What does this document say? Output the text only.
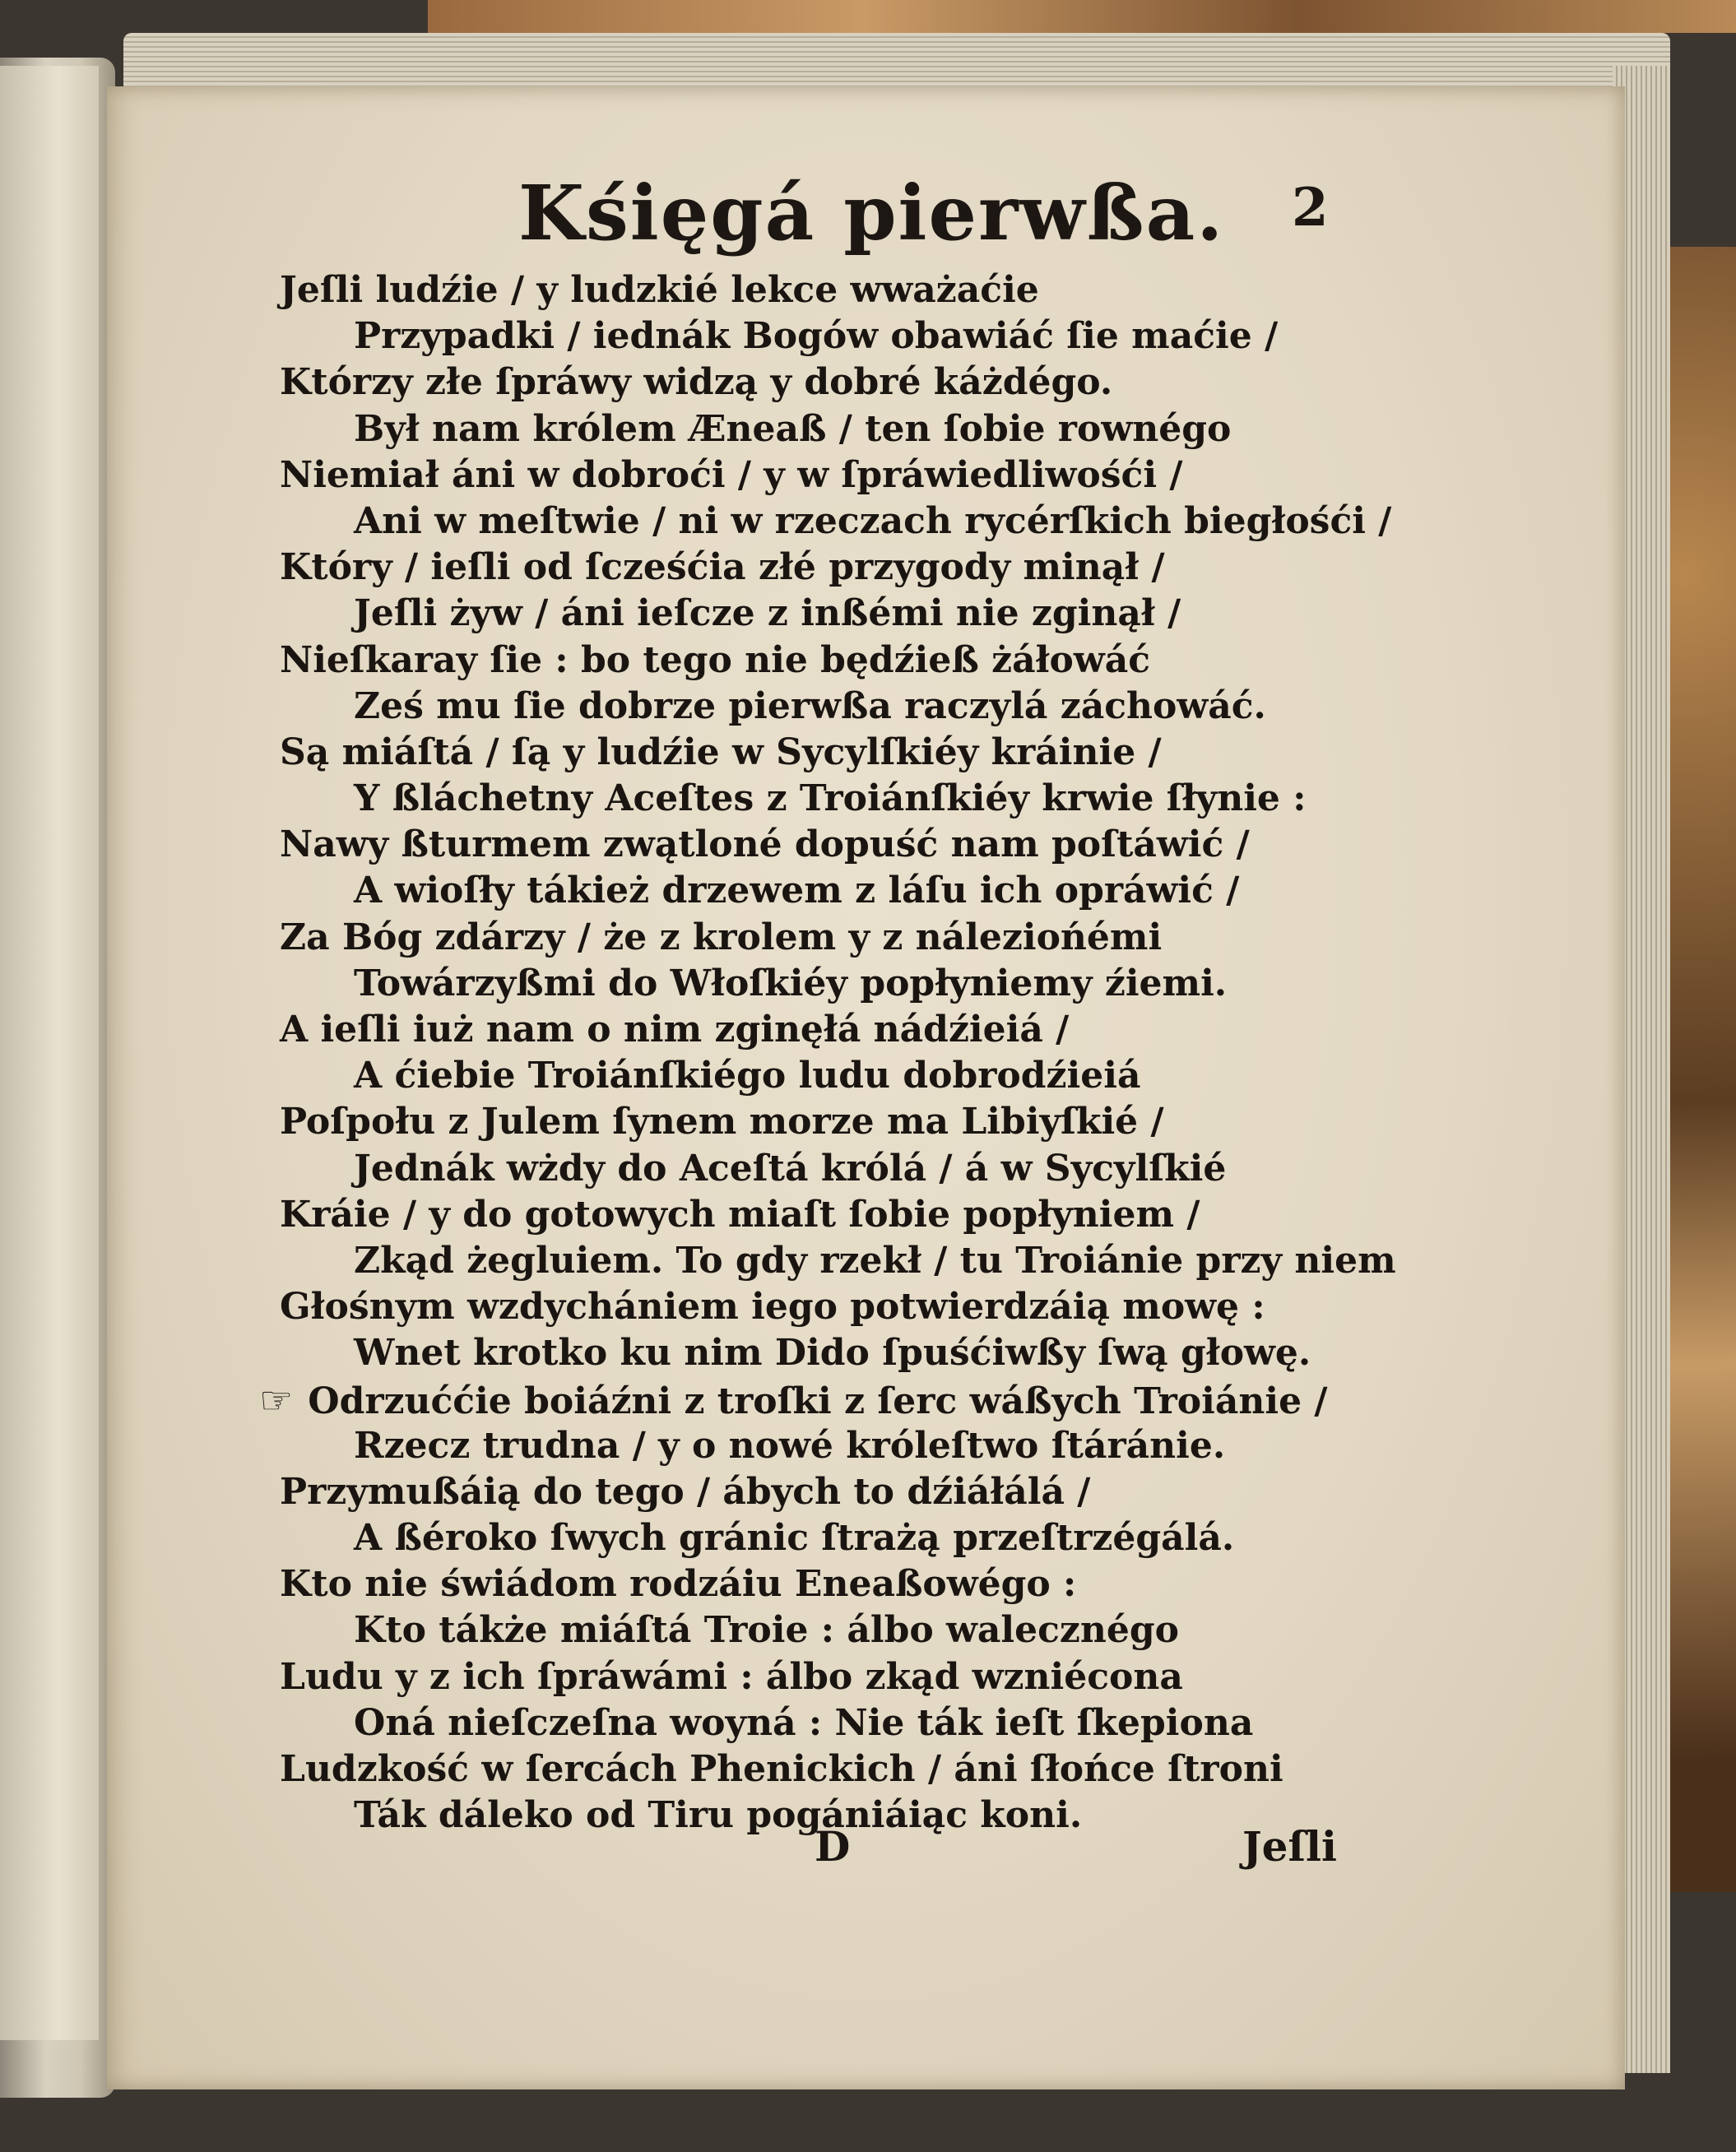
Kśięgá pierwßa. 2
Jeſli ludźie / y ludzkié lekce wważaćie
Przypadki / iednák Bogów obawiáć ſie maćie /
Którzy złe ſpráwy widzą y dobré káżdégo.
Był nam królem Æneaß / ten ſobie rownégo
Niemiał áni w dobroći / y w ſpráwiedliwośći /
Ani w meſtwie / ni w rzeczach rycérſkich biegłośći /
Który / ieſli od ſcześćia złé przygody minął /
Jeſli żyw / áni ieſcze z inßémi nie zginął /
Nieſkaray ſie : bo tego nie będźieß żáłowáć
Ześ mu ſie dobrze pierwßa raczylá záchowáć.
Są miáſtá / ſą y ludźie w Sycylſkiéy kráinie /
Y ßláchetny Aceſtes z Troiánſkiéy krwie ſłynie :
Nawy ßturmem zwątloné dopuść nam poſtáwić /
A wioſły tákież drzewem z láſu ich opráwić /
Za Bóg zdárzy / że z krolem y z náleziońémi
Towárzyßmi do Włoſkiéy popłyniemy źiemi.
A ieſli iuż nam o nim zginęłá nádźieiá /
A ćiebie Troiánſkiégo ludu dobrodźieiá
Poſpołu z Julem ſynem morze ma Libiyſkié /
Jednák wżdy do Aceſtá królá / á w Sycylſkié
Kráie / y do gotowych miaſt ſobie popłyniem /
Zkąd żegluiem. To gdy rzekł / tu Troiánie przy niem
Głośnym wzdychániem iego potwierdzáią mowę :
Wnet krotko ku nim Dido ſpuśćiwßy ſwą głowę.
☞ Odrzuććie boiáźni z troſki z ſerc wáßych Troiánie /
Rzecz trudna / y o nowé króleſtwo ſtáránie.
Przymußáią do tego / ábych to dźiáłálá /
A ßéroko ſwych gránic ſtrażą przeſtrzégálá.
Kto nie świádom rodzáiu Eneaßowégo :
Kto tákże miáſtá Troie : álbo walecznégo
Ludu y z ich ſpráwámi : álbo zkąd wzniécona
Oná nieſczeſna woyná : Nie ták ieſt ſkepiona
Ludzkość w ſercách Phenickich / áni ſłońce ſtroni
Ták dáleko od Tiru pogániáiąc koni.
D	Jeſli
